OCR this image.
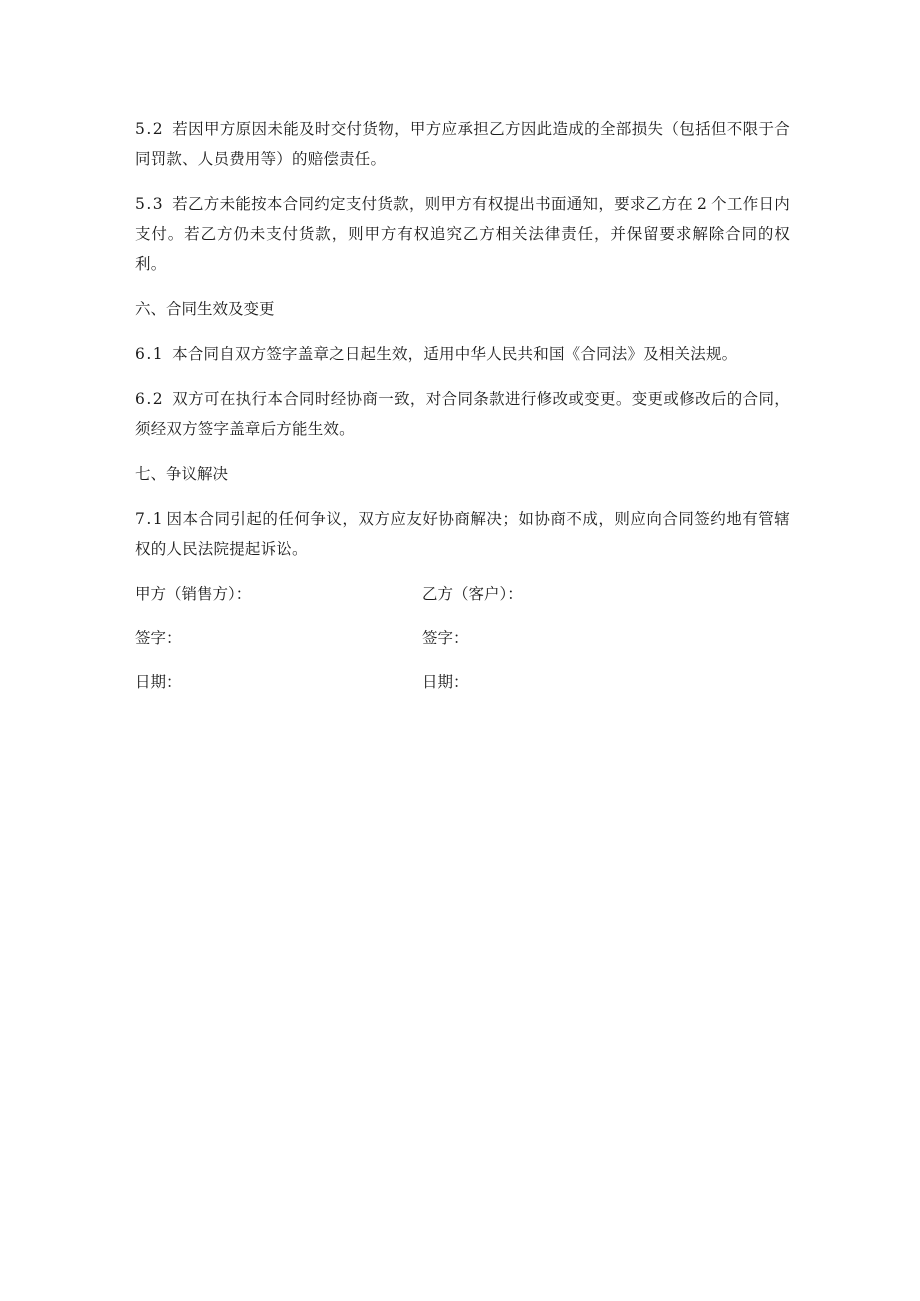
5.2 若因甲方原因未能及时交付货物，甲方应承担乙方因此造成的全部损失（包括但不限于合同罚款、人员费用等）的赔偿责任。

5.3 若乙方未能按本合同约定支付货款，则甲方有权提出书面通知，要求乙方在 2 个工作日内支付。若乙方仍未支付货款，则甲方有权追究乙方相关法律责任，并保留要求解除合同的权利。

六、合同生效及变更

6.1 本合同自双方签字盖章之日起生效，适用中华人民共和国《合同法》及相关法规。

6.2 双方可在执行本合同时经协商一致，对合同条款进行修改或变更。变更或修改后的合同，须经双方签字盖章后方能生效。

七、争议解决

7.1 因本合同引起的任何争议，双方应友好协商解决；如协商不成，则应向合同签约地有管辖权的人民法院提起诉讼。

甲方（销售方）：	乙方（客户）：
签字：	签字：
日期：	日期：
